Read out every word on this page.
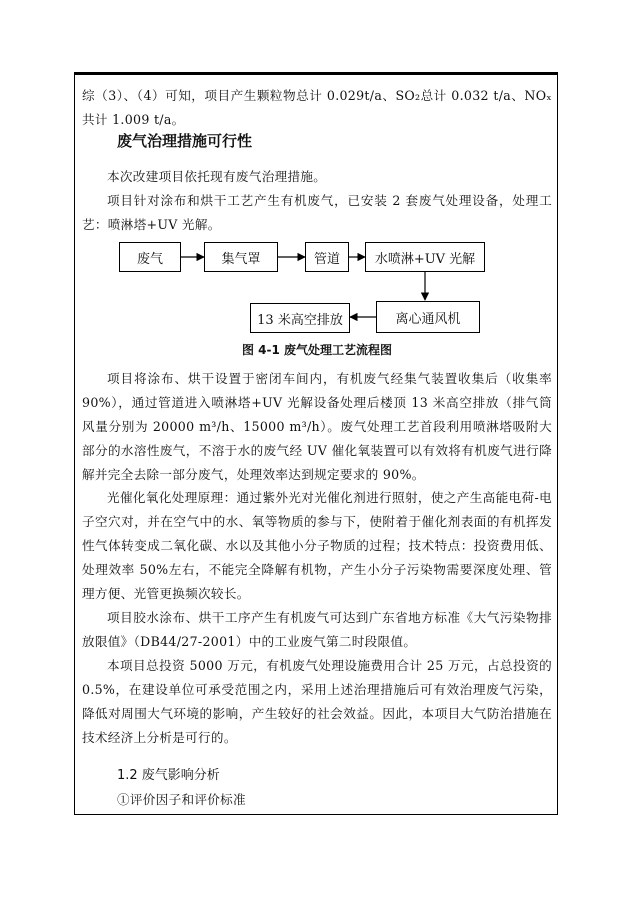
综（3）、（4）可知，项目产生颗粒物总计 0.029t/a、SO₂总计 0.032 t/a、NOₓ共计 1.009 t/a。
废气治理措施可行性
本次改建项目依托现有废气治理措施。
项目针对涂布和烘干工艺产生有机废气，已安装 2 套废气处理设备，处理工艺：喷淋塔+UV 光解。
废气	集气罩	管道	水喷淋+UV 光解
离心通风机
13 米高空排放
图 4-1 废气处理工艺流程图
项目将涂布、烘干设置于密闭车间内，有机废气经集气装置收集后（收集率 90%），通过管道进入喷淋塔+UV 光解设备处理后楼顶 13 米高空排放（排气筒风量分别为 20000 m³/h、15000 m³/h）。废气处理工艺首段利用喷淋塔吸附大部分的水溶性废气，不溶于水的废气经 UV 催化氧装置可以有效将有机废气进行降解并完全去除一部分废气，处理效率达到规定要求的 90%。
光催化氧化处理原理：通过紫外光对光催化剂进行照射，使之产生高能电荷-电子空穴对，并在空气中的水、氧等物质的参与下，使附着于催化剂表面的有机挥发性气体转变成二氧化碳、水以及其他小分子物质的过程；技术特点：投资费用低、处理效率 50%左右，不能完全降解有机物，产生小分子污染物需要深度处理、管理方便、光管更换频次较长。
项目胶水涂布、烘干工序产生有机废气可达到广东省地方标准《大气污染物排放限值》（DB44/27-2001）中的工业废气第二时段限值。
本项目总投资 5000 万元，有机废气处理设施费用合计 25 万元，占总投资的 0.5%，在建设单位可承受范围之内，采用上述治理措施后可有效治理废气污染，降低对周围大气环境的影响，产生较好的社会效益。因此，本项目大气防治措施在技术经济上分析是可行的。
1.2 废气影响分析
①评价因子和评价标准
